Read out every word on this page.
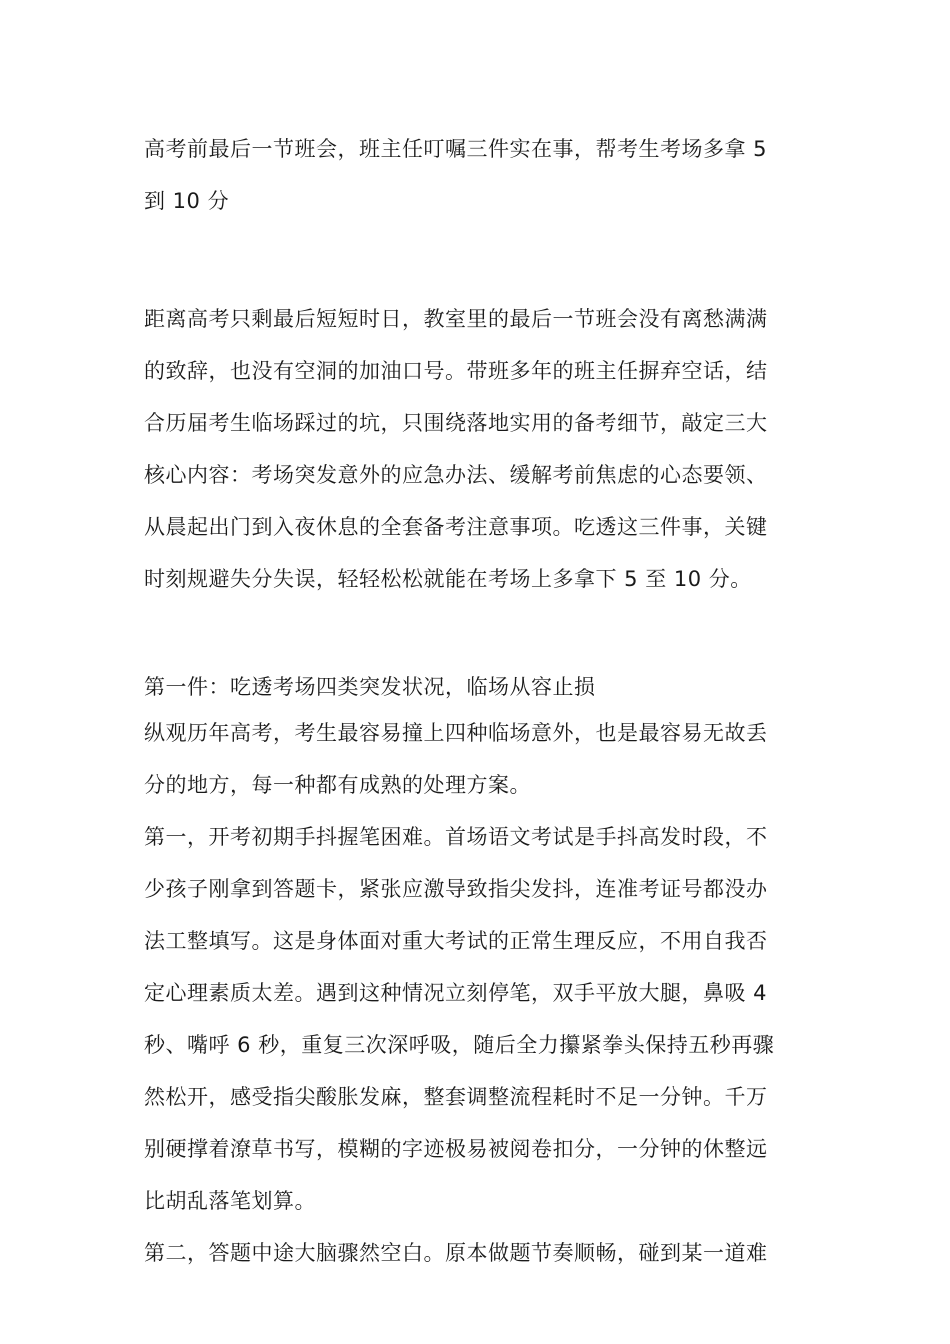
高考前最后一节班会，班主任叮嘱三件实在事，帮考生考场多拿 5
到 10 分
距离高考只剩最后短短时日，教室里的最后一节班会没有离愁满满
的致辞，也没有空洞的加油口号。带班多年的班主任摒弃空话，结
合历届考生临场踩过的坑，只围绕落地实用的备考细节，敲定三大
核心内容：考场突发意外的应急办法、缓解考前焦虑的心态要领、
从晨起出门到入夜休息的全套备考注意事项。吃透这三件事，关键
时刻规避失分失误，轻轻松松就能在考场上多拿下 5 至 10 分。
第一件：吃透考场四类突发状况，临场从容止损
纵观历年高考，考生最容易撞上四种临场意外，也是最容易无故丢
分的地方，每一种都有成熟的处理方案。
第一，开考初期手抖握笔困难。首场语文考试是手抖高发时段，不
少孩子刚拿到答题卡，紧张应激导致指尖发抖，连准考证号都没办
法工整填写。这是身体面对重大考试的正常生理反应，不用自我否
定心理素质太差。遇到这种情况立刻停笔，双手平放大腿，鼻吸 4
秒、嘴呼 6 秒，重复三次深呼吸，随后全力攥紧拳头保持五秒再骤
然松开，感受指尖酸胀发麻，整套调整流程耗时不足一分钟。千万
别硬撑着潦草书写，模糊的字迹极易被阅卷扣分，一分钟的休整远
比胡乱落笔划算。
第二，答题中途大脑骤然空白。原本做题节奏顺畅，碰到某一道难
